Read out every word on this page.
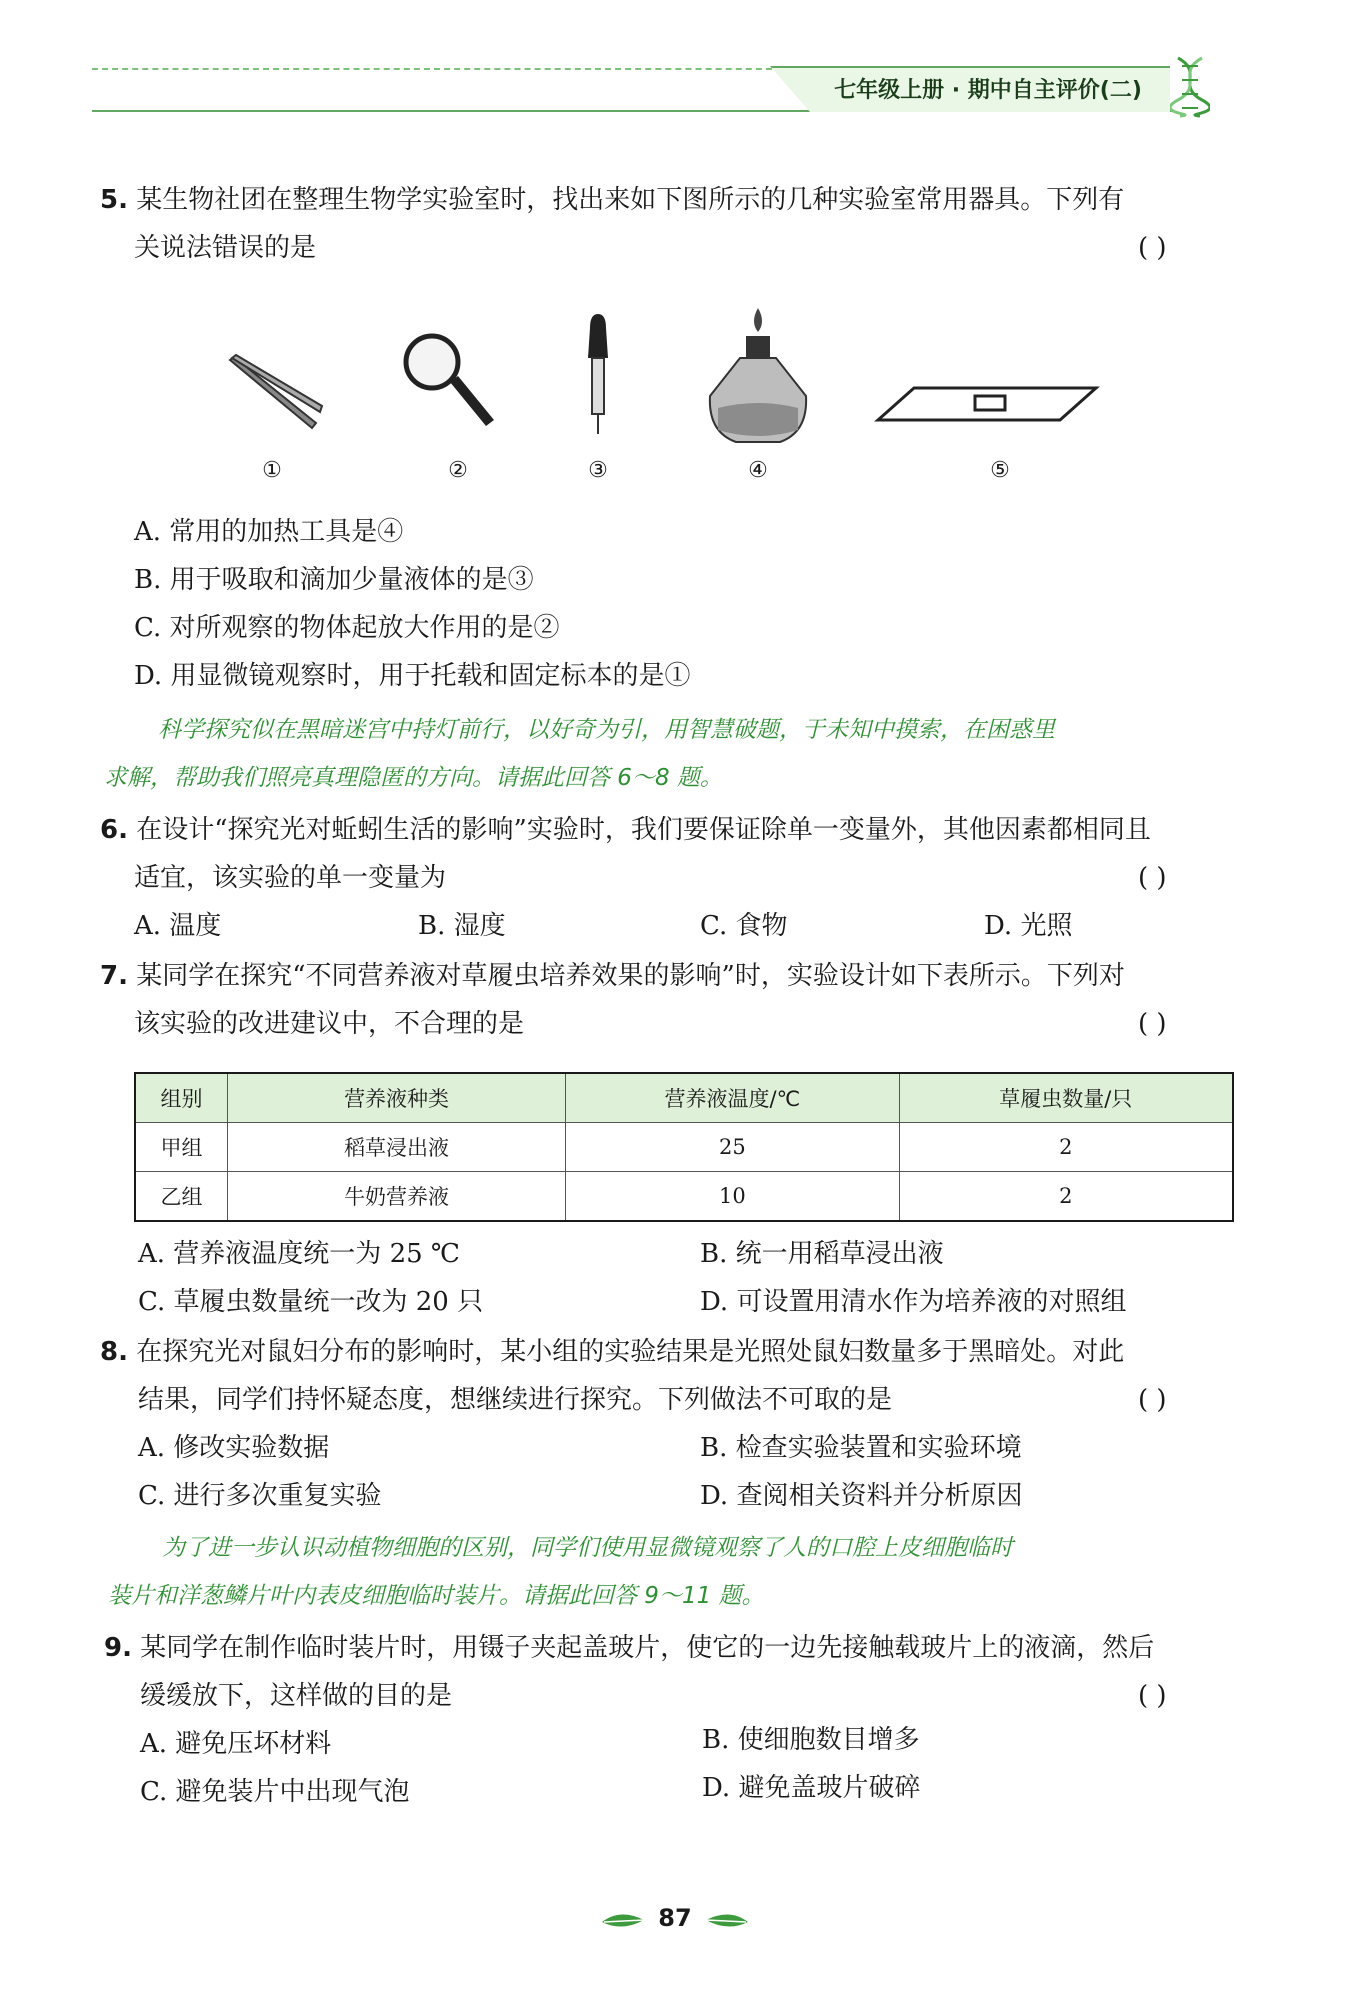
七年级上册 · 期中自主评价(二)
5. 某生物社团在整理生物学实验室时，找出来如下图所示的几种实验室常用器具。下列有
关说法错误的是	( )
①	②	③	④	⑤
A. 常用的加热工具是④
B. 用于吸取和滴加少量液体的是③
C. 对所观察的物体起放大作用的是②
D. 用显微镜观察时，用于托载和固定标本的是①
科学探究似在黑暗迷宫中持灯前行，以好奇为引，用智慧破题，于未知中摸索，在困惑里
求解，帮助我们照亮真理隐匿的方向。请据此回答 6～8 题。
6. 在设计“探究光对蚯蚓生活的影响”实验时，我们要保证除单一变量外，其他因素都相同且
适宜，该实验的单一变量为	( )
A. 温度	B. 湿度	C. 食物	D. 光照
7. 某同学在探究“不同营养液对草履虫培养效果的影响”时，实验设计如下表所示。下列对
该实验的改进建议中，不合理的是	( )
组别	营养液种类	营养液温度/℃	草履虫数量/只
甲组	稻草浸出液	25	2
乙组	牛奶营养液	10	2
A. 营养液温度统一为 25 ℃	B. 统一用稻草浸出液
C. 草履虫数量统一改为 20 只	D. 可设置用清水作为培养液的对照组
8. 在探究光对鼠妇分布的影响时，某小组的实验结果是光照处鼠妇数量多于黑暗处。对此
结果，同学们持怀疑态度，想继续进行探究。下列做法不可取的是	( )
A. 修改实验数据	B. 检查实验装置和实验环境
C. 进行多次重复实验	D. 查阅相关资料并分析原因
为了进一步认识动植物细胞的区别，同学们使用显微镜观察了人的口腔上皮细胞临时
装片和洋葱鳞片叶内表皮细胞临时装片。请据此回答 9～11 题。
9. 某同学在制作临时装片时，用镊子夹起盖玻片，使它的一边先接触载玻片上的液滴，然后
缓缓放下，这样做的目的是	( )
A. 避免压坏材料	B. 使细胞数目增多
C. 避免装片中出现气泡	D. 避免盖玻片破碎
87
